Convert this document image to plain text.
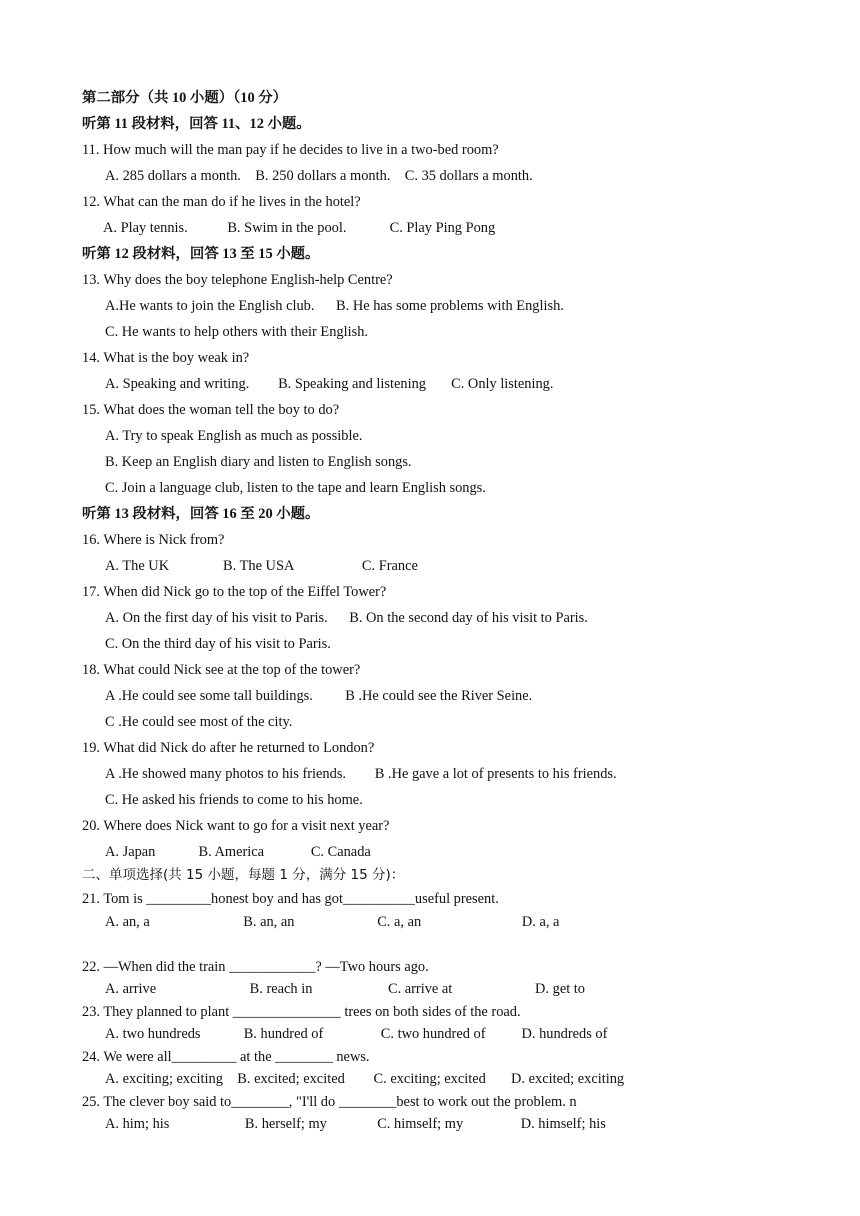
第二部分（共 10 小题）（10 分）
听第 11 段材料，回答 11、12 小题。
11. How much will the man pay if he decides to live in a two-bed room?
A. 285 dollars a month.    B. 250 dollars a month.    C. 35 dollars a month.
12. What can the man do if he lives in the hotel?
A. Play tennis.           B. Swim in the pool.            C. Play Ping Pong
听第 12 段材料，回答 13 至 15 小题。
13. Why does the boy telephone English-help Centre?
A.He wants to join the English club.      B. He has some problems with English.
C. He wants to help others with their English.
14. What is the boy weak in?
A. Speaking and writing.        B. Speaking and listening       C. Only listening.
15. What does the woman tell the boy to do?
A. Try to speak English as much as possible.
B. Keep an English diary and listen to English songs.
C. Join a language club, listen to the tape and learn English songs.
听第 13 段材料，回答 16 至 20 小题。
16. Where is Nick from?
A. The UK               B. The USA                   C. France
17. When did Nick go to the top of the Eiffel Tower?
A. On the first day of his visit to Paris.      B. On the second day of his visit to Paris.
C. On the third day of his visit to Paris.
18. What could Nick see at the top of the tower?
A .He could see some tall buildings.         B .He could see the River Seine.
C .He could see most of the city.
19. What did Nick do after he returned to London?
A .He showed many photos to his friends.        B .He gave a lot of presents to his friends.
C. He asked his friends to come to his home.
20. Where does Nick want to go for a visit next year?
A. Japan            B. America             C. Canada
二、单项选择(共 15 小题，每题 1 分，满分 15 分)：
21. Tom is _________honest boy and has got__________useful present.
A. an, a                          B. an, an                       C. a, an                            D. a, a
22. —When did the train ____________? —Two hours ago.
A. arrive                          B. reach in                     C. arrive at                       D. get to
23. They planned to plant _______________ trees on both sides of the road.
A. two hundreds            B. hundred of                C. two hundred of          D. hundreds of
24. We were all_________ at the ________ news.
A. exciting; exciting    B. excited; excited        C. exciting; excited       D. excited; exciting
25. The clever boy said to________, "I'll do ________best to work out the problem. n
A. him; his                     B. herself; my              C. himself; my                D. himself; his
